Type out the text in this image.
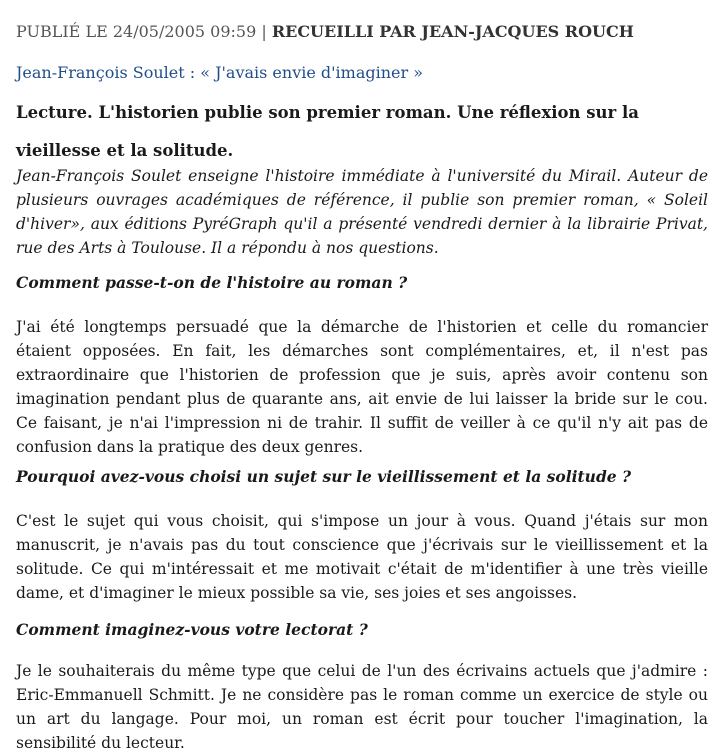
PUBLIÉ LE 24/05/2005 09:59 | RECUEILLI PAR JEAN-JACQUES ROUCH
Jean-François Soulet : « J'avais envie d'imaginer »
Lecture. L'historien publie son premier roman. Une réflexion sur la vieillesse et la solitude.
Jean-François Soulet enseigne l'histoire immédiate à l'université du Mirail. Auteur de plusieurs ouvrages académiques de référence, il publie son premier roman, « Soleil d'hiver», aux éditions PyréGraph qu'il a présenté vendredi dernier à la librairie Privat, rue des Arts à Toulouse. Il a répondu à nos questions.
Comment passe-t-on de l'histoire au roman ?
J'ai été longtemps persuadé que la démarche de l'historien et celle du romancier étaient opposées. En fait, les démarches sont complémentaires, et, il n'est pas extraordinaire que l'historien de profession que je suis, après avoir contenu son imagination pendant plus de quarante ans, ait envie de lui laisser la bride sur le cou. Ce faisant, je n'ai l'impression ni de trahir. Il suffit de veiller à ce qu'il n'y ait pas de confusion dans la pratique des deux genres.
Pourquoi avez-vous choisi un sujet sur le vieillissement et la solitude ?
C'est le sujet qui vous choisit, qui s'impose un jour à vous. Quand j'étais sur mon manuscrit, je n'avais pas du tout conscience que j'écrivais sur le vieillissement et la solitude. Ce qui m'intéressait et me motivait c'était de m'identifier à une très vieille dame, et d'imaginer le mieux possible sa vie, ses joies et ses angoisses.
Comment imaginez-vous votre lectorat ?
Je le souhaiterais du même type que celui de l'un des écrivains actuels que j'admire : Eric-Emmanuell Schmitt. Je ne considère pas le roman comme un exercice de style ou un art du langage. Pour moi, un roman est écrit pour toucher l'imagination, la sensibilité du lecteur.
